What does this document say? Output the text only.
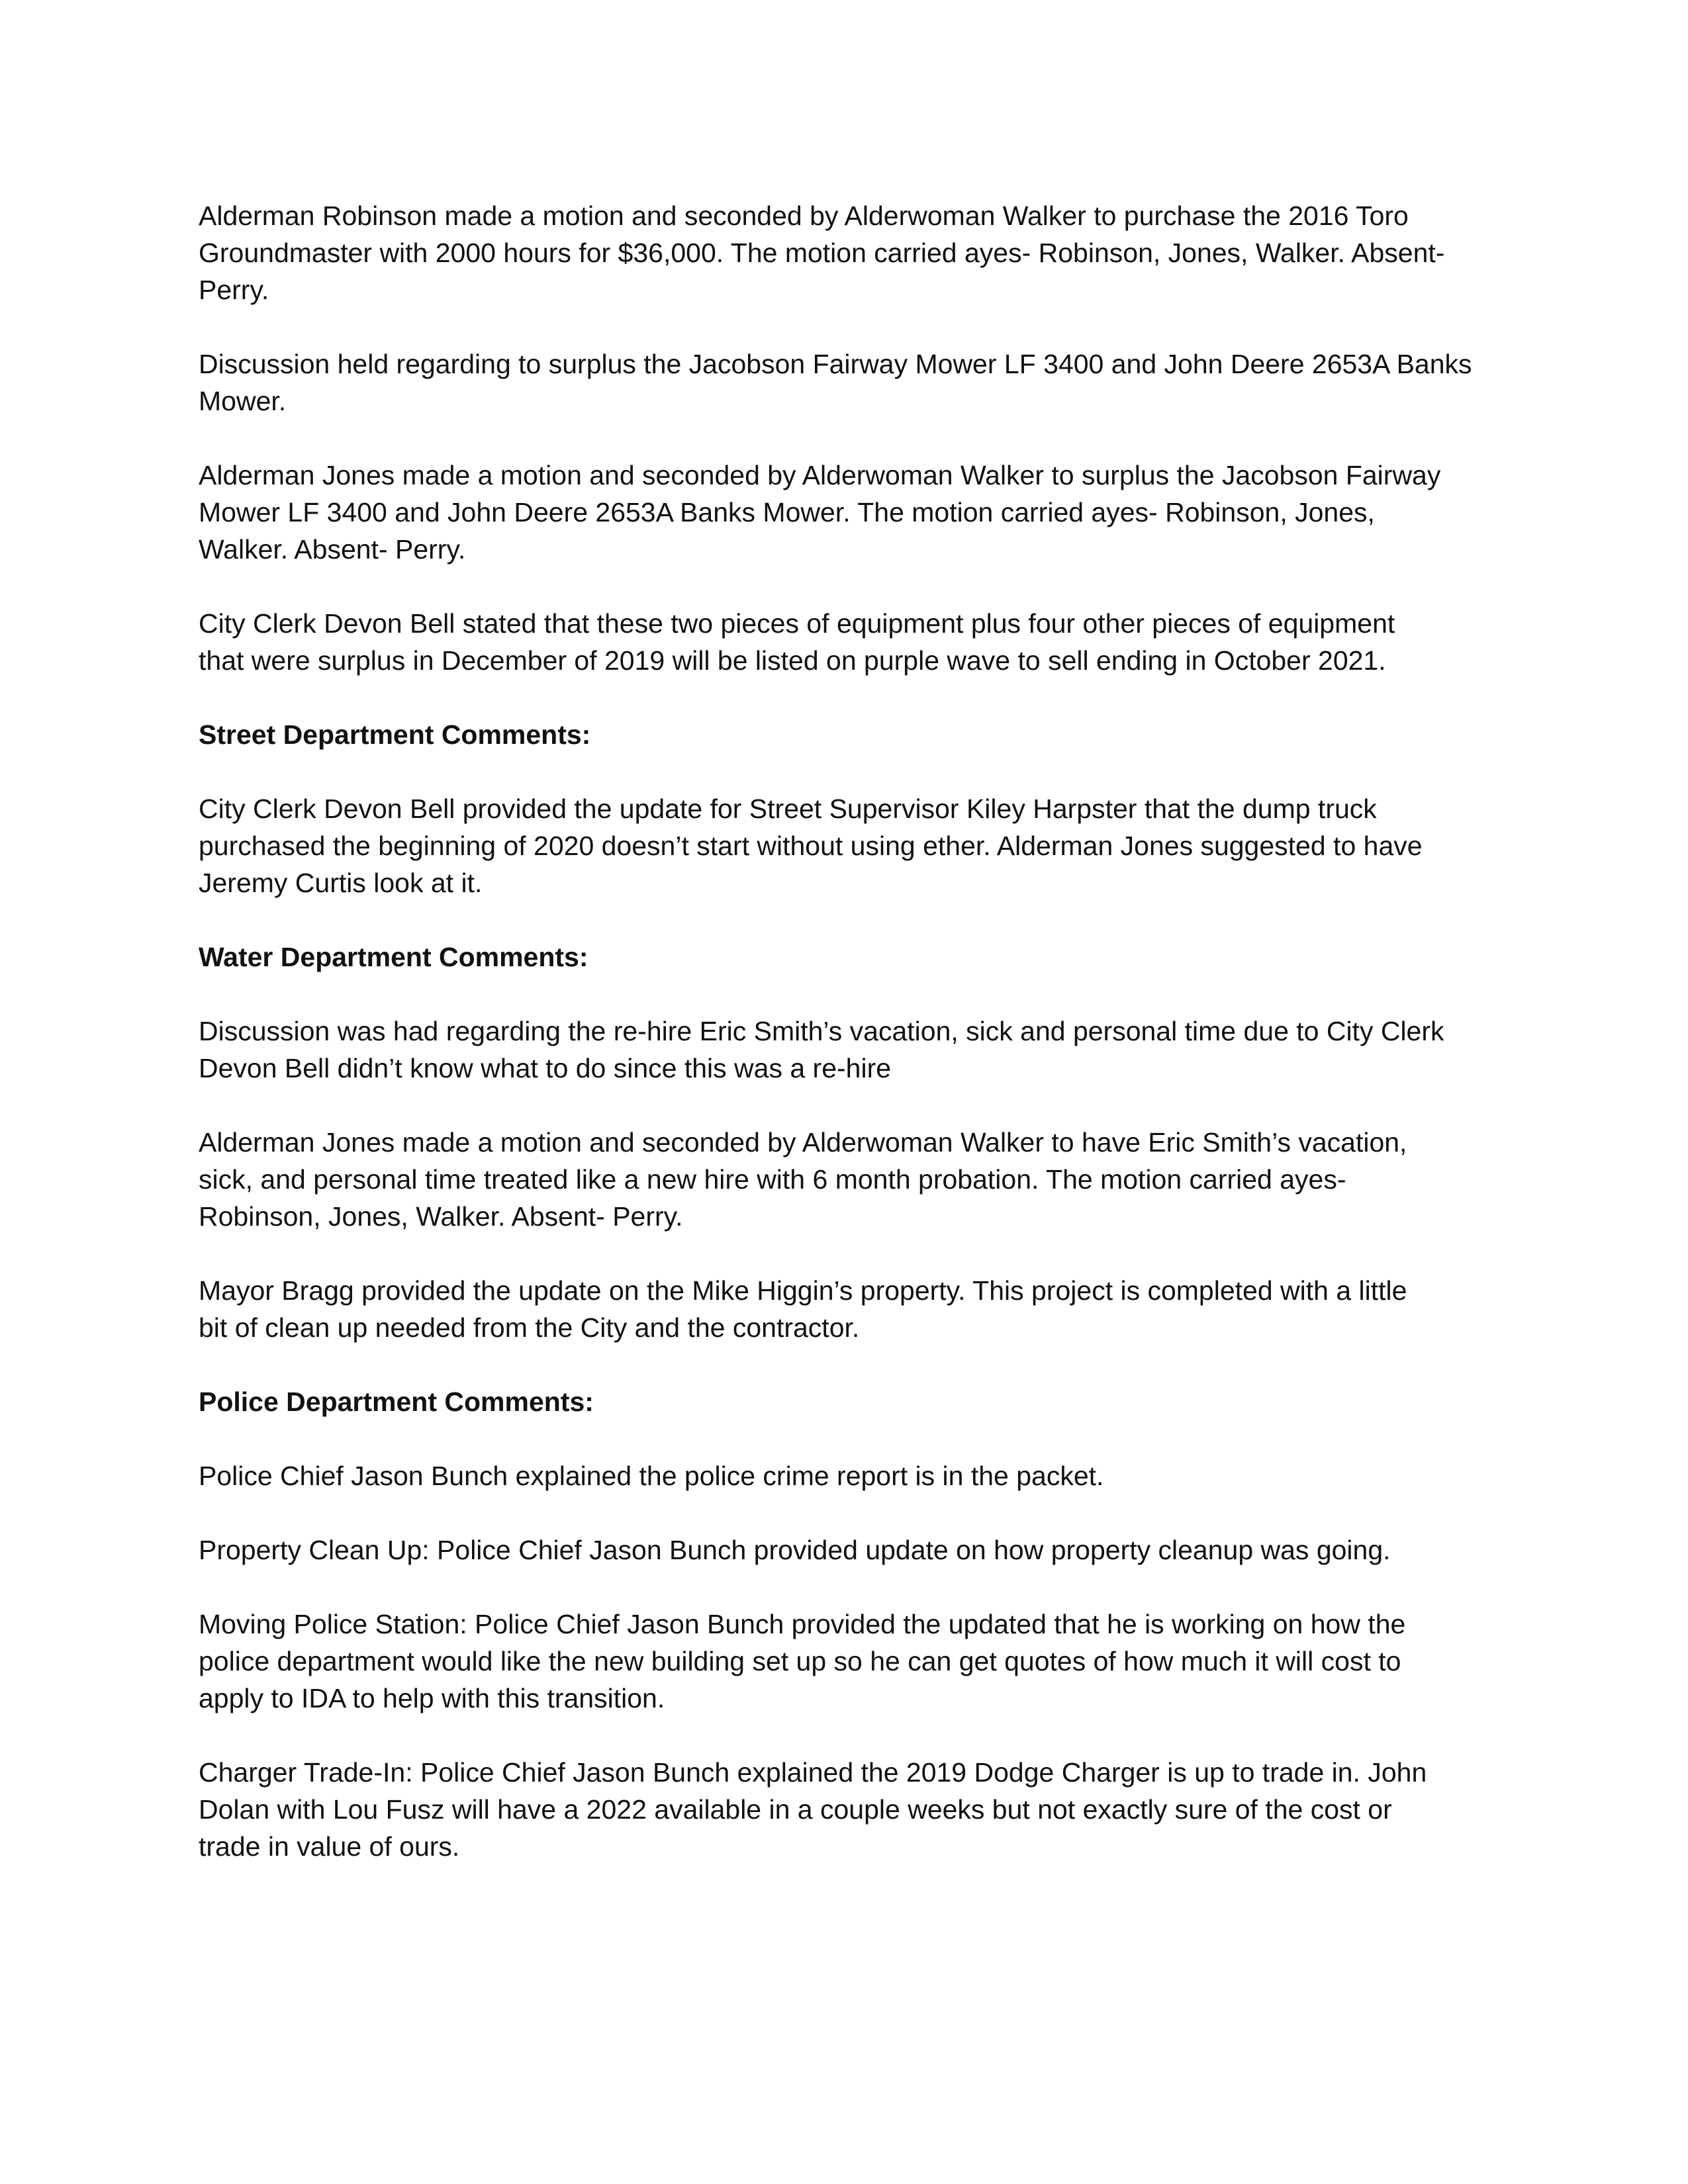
Alderman Robinson made a motion and seconded by Alderwoman Walker to purchase the 2016 Toro
Groundmaster with 2000 hours for $36,000. The motion carried ayes- Robinson, Jones, Walker. Absent-
Perry.

Discussion held regarding to surplus the Jacobson Fairway Mower LF 3400 and John Deere 2653A Banks
Mower.

Alderman Jones made a motion and seconded by Alderwoman Walker to surplus the Jacobson Fairway
Mower LF 3400 and John Deere 2653A Banks Mower. The motion carried ayes- Robinson, Jones,
Walker. Absent- Perry.

City Clerk Devon Bell stated that these two pieces of equipment plus four other pieces of equipment
that were surplus in December of 2019 will be listed on purple wave to sell ending in October 2021.

Street Department Comments:

City Clerk Devon Bell provided the update for Street Supervisor Kiley Harpster that the dump truck
purchased the beginning of 2020 doesn’t start without using ether. Alderman Jones suggested to have
Jeremy Curtis look at it.

Water Department Comments:

Discussion was had regarding the re-hire Eric Smith’s vacation, sick and personal time due to City Clerk
Devon Bell didn’t know what to do since this was a re-hire

Alderman Jones made a motion and seconded by Alderwoman Walker to have Eric Smith’s vacation,
sick, and personal time treated like a new hire with 6 month probation. The motion carried ayes-
Robinson, Jones, Walker. Absent- Perry.

Mayor Bragg provided the update on the Mike Higgin’s property. This project is completed with a little
bit of clean up needed from the City and the contractor.

Police Department Comments:

Police Chief Jason Bunch explained the police crime report is in the packet.

Property Clean Up: Police Chief Jason Bunch provided update on how property cleanup was going.

Moving Police Station: Police Chief Jason Bunch provided the updated that he is working on how the
police department would like the new building set up so he can get quotes of how much it will cost to
apply to IDA to help with this transition.

Charger Trade-In: Police Chief Jason Bunch explained the 2019 Dodge Charger is up to trade in. John
Dolan with Lou Fusz will have a 2022 available in a couple weeks but not exactly sure of the cost or
trade in value of ours.
